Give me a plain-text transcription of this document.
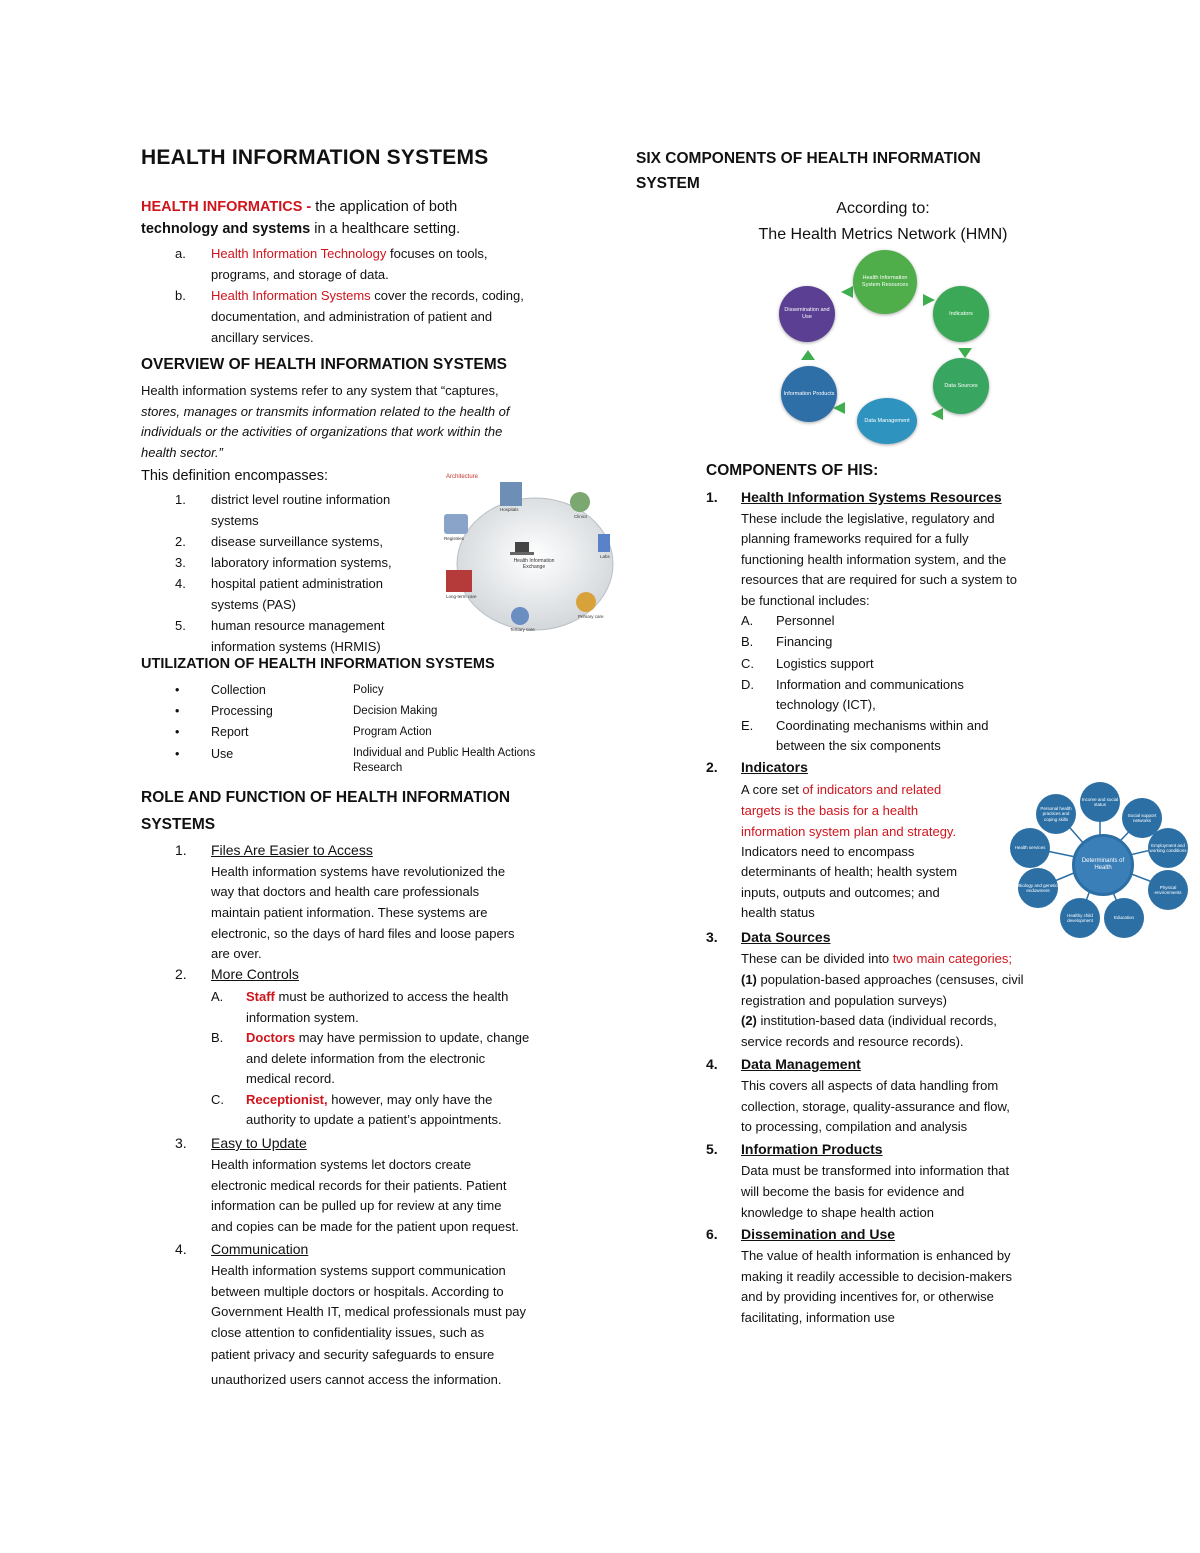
HEALTH INFORMATION SYSTEMS
HEALTH INFORMATICS - the application of both
technology and systems in a healthcare setting.
a. Health Information Technology focuses on tools,
programs, and storage of data.
b. Health Information Systems cover the records, coding,
documentation, and administration of patient and
ancillary services.
OVERVIEW OF HEALTH INFORMATION SYSTEMS
Health information systems refer to any system that “captures,
stores, manages or transmits information related to the health of
individuals or the activities of organizations that work within the
health sector.”
This definition encompasses:
1. district level routine information
systems
2. disease surveillance systems,
3. laboratory information systems,
4. hospital patient administration
systems (PAS)
5. human resource management
information systems (HRMIS)
Architecture
Health Information Exchange
Hospitals
Clinics
Labs
Primary care
Tertiary care
Long-term care
Registries
UTILIZATION OF HEALTH INFORMATION SYSTEMS
•	Collection	Policy
•	Processing	Decision Making
•	Report	Program Action
•	Use	Individual and Public Health Actions
Research
ROLE AND FUNCTION OF HEALTH INFORMATION
SYSTEMS
1. Files Are Easier to Access
Health information systems have revolutionized the
way that doctors and health care professionals
maintain patient information. These systems are
electronic, so the days of hard files and loose papers
are over.
2. More Controls
A. Staff must be authorized to access the health
information system.
B. Doctors may have permission to update, change
and delete information from the electronic
medical record.
C. Receptionist, however, may only have the
authority to update a patient’s appointments.
3. Easy to Update
Health information systems let doctors create
electronic medical records for their patients. Patient
information can be pulled up for review at any time
and copies can be made for the patient upon request.
4. Communication
Health information systems support communication
between multiple doctors or hospitals. According to
Government Health IT, medical professionals must pay
close attention to confidentiality issues, such as
patient privacy and security safeguards to ensure
unauthorized users cannot access the information.
SIX COMPONENTS OF HEALTH INFORMATION
SYSTEM
According to:
The Health Metrics Network (HMN)
Health Information System Resources
Indicators
Data Sources
Data Management
Information Products
Dissemination and Use
COMPONENTS OF HIS:
1. Health Information Systems Resources
These include the legislative, regulatory and
planning frameworks required for a fully
functioning health information system, and the
resources that are required for such a system to
be functional includes:
A. Personnel
B. Financing
C. Logistics support
D. Information and communications
technology (ICT),
E. Coordinating mechanisms within and
between the six components
2. Indicators
A core set of indicators and related
targets is the basis for a health
information system plan and strategy.
Indicators need to encompass
determinants of health; health system
inputs, outputs and outcomes; and
health status
3. Data Sources
These can be divided into two main categories;
(1) population-based approaches (censuses, civil
registration and population surveys)
(2) institution-based data (individual records,
service records and resource records).
4. Data Management
This covers all aspects of data handling from
collection, storage, quality-assurance and flow,
to processing, compilation and analysis
5. Information Products
Data must be transformed into information that
will become the basis for evidence and
knowledge to shape health action
6. Dissemination and Use
The value of health information is enhanced by
making it readily accessible to decision-makers
and by providing incentives for, or otherwise
facilitating, information use
Determinants of Health
Income and social status
Social support networks
Employment and working conditions
Physical environments
Education
Healthy child development
Biology and genetic endowment
Health services
Personal health practices and coping skills
